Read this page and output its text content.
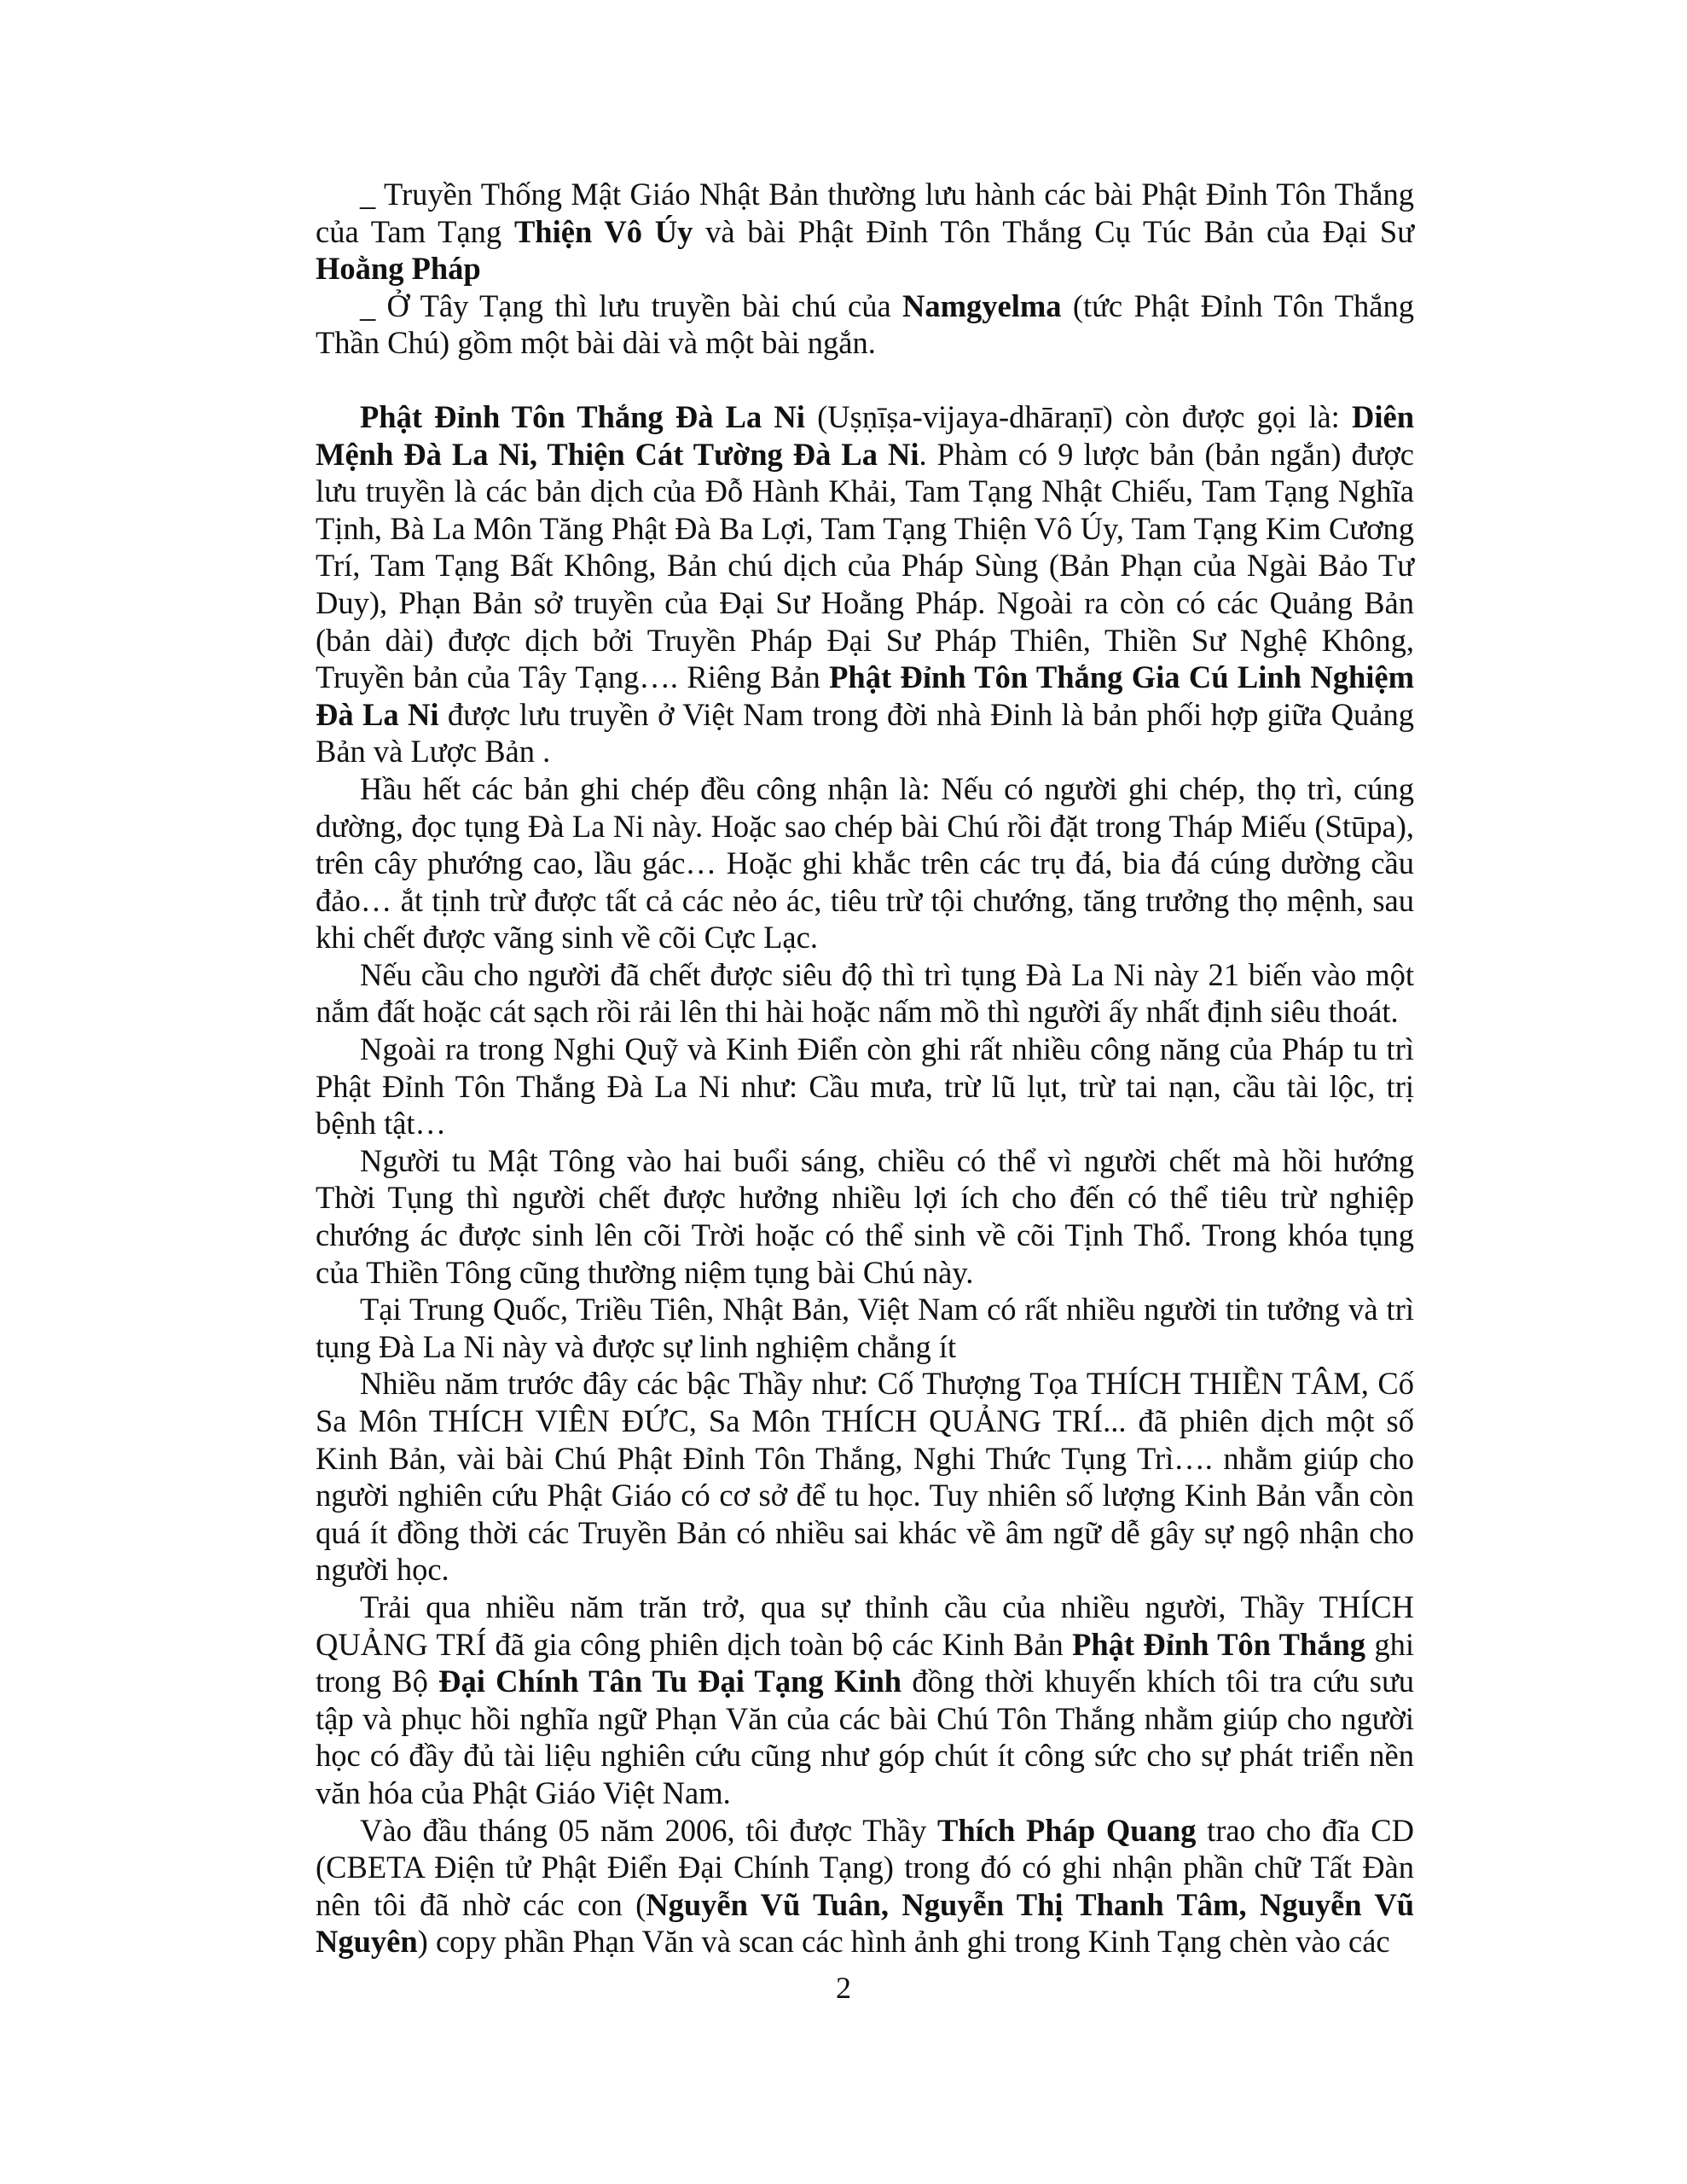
_ Truyền Thống Mật Giáo Nhật Bản thường lưu hành các bài Phật Đỉnh Tôn Thắng của Tam Tạng Thiện Vô Úy và bài Phật Đỉnh Tôn Thắng Cụ Túc Bản của Đại Sư Hoằng Pháp

_ Ở Tây Tạng thì lưu truyền bài chú của Namgyelma (tức Phật Đỉnh Tôn Thắng Thần Chú) gồm một bài dài và một bài ngắn.

Phật Đỉnh Tôn Thắng Đà La Ni (Uṣṇīṣa-vijaya-dhāraṇī) còn được gọi là: Diên Mệnh Đà La Ni, Thiện Cát Tường Đà La Ni. Phàm có 9 lược bản (bản ngắn) được lưu truyền là các bản dịch của Đỗ Hành Khải, Tam Tạng Nhật Chiếu, Tam Tạng Nghĩa Tịnh, Bà La Môn Tăng Phật Đà Ba Lợi, Tam Tạng Thiện Vô Úy, Tam Tạng Kim Cương Trí, Tam Tạng Bất Không, Bản chú dịch của Pháp Sùng (Bản Phạn của Ngài Bảo Tư Duy), Phạn Bản sở truyền của Đại Sư Hoằng Pháp. Ngoài ra còn có các Quảng Bản (bản dài) được dịch bởi Truyền Pháp Đại Sư Pháp Thiên, Thiền Sư Nghệ Không, Truyền bản của Tây Tạng…. Riêng Bản Phật Đỉnh Tôn Thắng Gia Cú Linh Nghiệm Đà La Ni được lưu truyền ở Việt Nam trong đời nhà Đinh là bản phối hợp giữa Quảng Bản và Lược Bản .

Hầu hết các bản ghi chép đều công nhận là: Nếu có người ghi chép, thọ trì, cúng dường, đọc tụng Đà La Ni này. Hoặc sao chép bài Chú rồi đặt trong Tháp Miếu (Stūpa), trên cây phướng cao, lầu gác… Hoặc ghi khắc trên các trụ đá, bia đá cúng dường cầu đảo… ắt tịnh trừ được tất cả các nẻo ác, tiêu trừ tội chướng, tăng trưởng thọ mệnh, sau khi chết được vãng sinh về cõi Cực Lạc.

Nếu cầu cho người đã chết được siêu độ thì trì tụng Đà La Ni này 21 biến vào một nắm đất hoặc cát sạch rồi rải lên thi hài hoặc nấm mồ thì người ấy nhất định siêu thoát.

Ngoài ra trong Nghi Quỹ và Kinh Điển còn ghi rất nhiều công năng của Pháp tu trì Phật Đỉnh Tôn Thắng Đà La Ni như: Cầu mưa, trừ lũ lụt, trừ tai nạn, cầu tài lộc, trị bệnh tật…

Người tu Mật Tông vào hai buổi sáng, chiều có thể vì người chết mà hồi hướng Thời Tụng thì người chết được hưởng nhiều lợi ích cho đến có thể tiêu trừ nghiệp chướng ác được sinh lên cõi Trời hoặc có thể sinh về cõi Tịnh Thổ. Trong khóa tụng của Thiền Tông cũng thường niệm tụng bài Chú này.

Tại Trung Quốc, Triều Tiên, Nhật Bản, Việt Nam có rất nhiều người tin tưởng và trì tụng Đà La Ni này và được sự linh nghiệm chẳng ít

Nhiều năm trước đây các bậc Thầy như: Cố Thượng Tọa THÍCH THIỀN TÂM, Cố Sa Môn THÍCH VIÊN ĐỨC, Sa Môn THÍCH QUẢNG TRÍ... đã phiên dịch một số Kinh Bản, vài bài Chú Phật Đỉnh Tôn Thắng, Nghi Thức Tụng Trì…. nhằm giúp cho người nghiên cứu Phật Giáo có cơ sở để tu học. Tuy nhiên số lượng Kinh Bản vẫn còn quá ít đồng thời các Truyền Bản có nhiều sai khác về âm ngữ dễ gây sự ngộ nhận cho người học.

Trải qua nhiều năm trăn trở, qua sự thỉnh cầu của nhiều người, Thầy THÍCH QUẢNG TRÍ đã gia công phiên dịch toàn bộ các Kinh Bản Phật Đỉnh Tôn Thắng ghi trong Bộ Đại Chính Tân Tu Đại Tạng Kinh đồng thời khuyến khích tôi tra cứu sưu tập và phục hồi nghĩa ngữ Phạn Văn của các bài Chú Tôn Thắng nhằm giúp cho người học có đầy đủ tài liệu nghiên cứu cũng như góp chút ít công sức cho sự phát triển nền văn hóa của Phật Giáo Việt Nam.

Vào đầu tháng 05 năm 2006, tôi được Thầy Thích Pháp Quang trao cho đĩa CD (CBETA Điện tử Phật Điển Đại Chính Tạng) trong đó có ghi nhận phần chữ Tất Đàn nên tôi đã nhờ các con (Nguyễn Vũ Tuân, Nguyễn Thị Thanh Tâm, Nguyễn Vũ Nguyên) copy phần Phạn Văn và scan các hình ảnh ghi trong Kinh Tạng chèn vào các

2
